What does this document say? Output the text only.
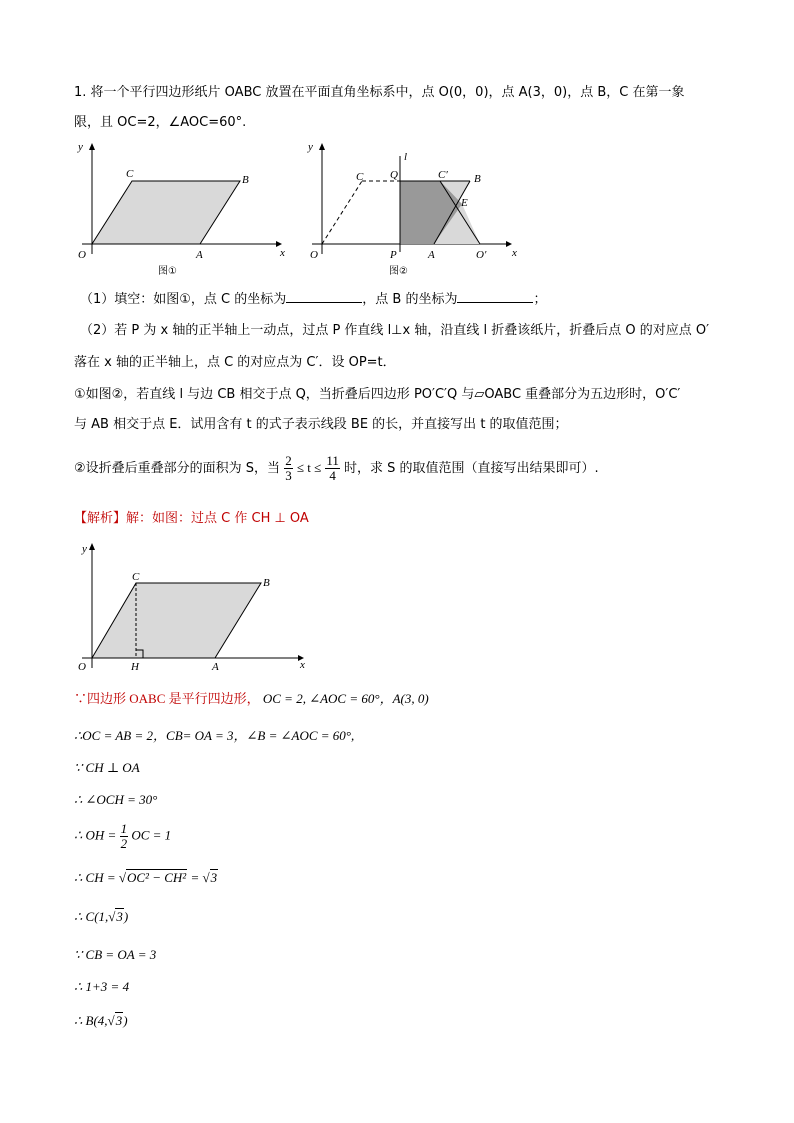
1. 将一个平行四边形纸片 OABC 放置在平面直角坐标系中，点 O(0，0)，点 A(3，0)，点 B，C 在第一象
限，且 OC=2，∠AOC=60°.
y
x
O	A
B
C
图①
y
x
O
C
l
Q	C′ B
E
P	A	O′
图②
（1）填空：如图①，点 C 的坐标为	，点 B 的坐标为	；
（2）若 P 为 x 轴的正半轴上一动点，过点 P 作直线 l⊥x 轴，沿直线 l 折叠该纸片，折叠后点 O 的对应点 O′
落在 x 轴的正半轴上，点 C 的对应点为 C′．设 OP=t．
①如图②，若直线 l 与边 CB 相交于点 Q，当折叠后四边形 PO′C′Q 与▱OABC 重叠部分为五边形时，O′C′
与 AB 相交于点 E．试用含有 t 的式子表示线段 BE 的长，并直接写出 t 的取值范围；
②设折叠后重叠部分的面积为 S，当 $\frac{2}{3} \le t \le \frac{11}{4}$ 时，求 S 的取值范围（直接写出结果即可）.
【解析】解：如图：过点 C 作 CH ⊥ OA
y
x
O	H	A
B
C
∵四边形 OABC 是平行四边形， OC = 2, ∠AOC = 60°，A(3, 0)
∴OC = AB = 2，CB= OA = 3，∠B = ∠AOC = 60°,
∵ CH ⊥ OA
∴ ∠OCH = 30°
∴ OH = $\frac{1}{2}$ OC = 1
∴ CH = √OC² − CH² = √3
∴ C(1,√3)
∵ CB = OA = 3
∴ 1+3 = 4
∴ B(4,√3)
